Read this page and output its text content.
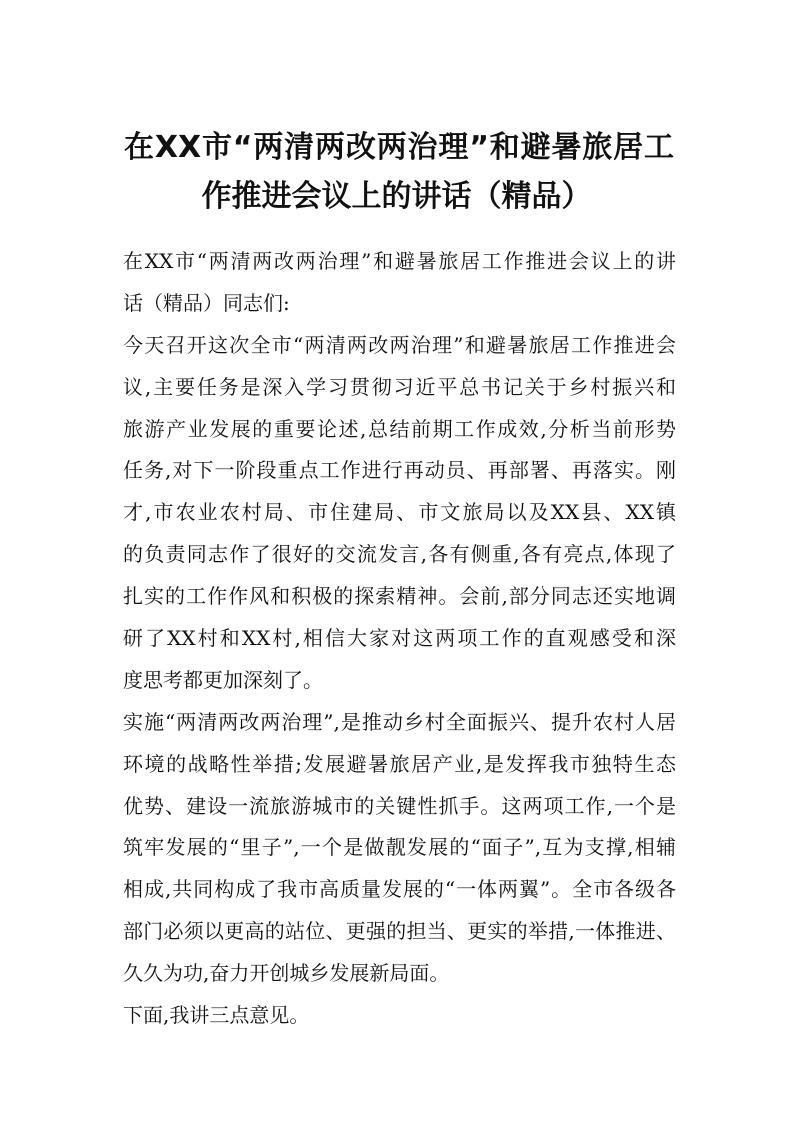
在XX市“两清两改两治理”和避暑旅居工
作推进会议上的讲话（精品）
在XX市“两清两改两治理”和避暑旅居工作推进会议上的讲
话（精品）同志们:
今天召开这次全市“两清两改两治理”和避暑旅居工作推进会
议,主要任务是深入学习贯彻习近平总书记关于乡村振兴和
旅游产业发展的重要论述,总结前期工作成效,分析当前形势
任务,对下一阶段重点工作进行再动员、再部署、再落实。刚
才,市农业农村局、市住建局、市文旅局以及XX县、XX镇
的负责同志作了很好的交流发言,各有侧重,各有亮点,体现了
扎实的工作作风和积极的探索精神。会前,部分同志还实地调
研了XX村和XX村,相信大家对这两项工作的直观感受和深
度思考都更加深刻了。
实施“两清两改两治理”,是推动乡村全面振兴、提升农村人居
环境的战略性举措;发展避暑旅居产业,是发挥我市独特生态
优势、建设一流旅游城市的关键性抓手。这两项工作,一个是
筑牢发展的“里子”,一个是做靓发展的“面子”,互为支撑,相辅
相成,共同构成了我市高质量发展的“一体两翼”。全市各级各
部门必须以更高的站位、更强的担当、更实的举措,一体推进、
久久为功,奋力开创城乡发展新局面。
下面,我讲三点意见。
